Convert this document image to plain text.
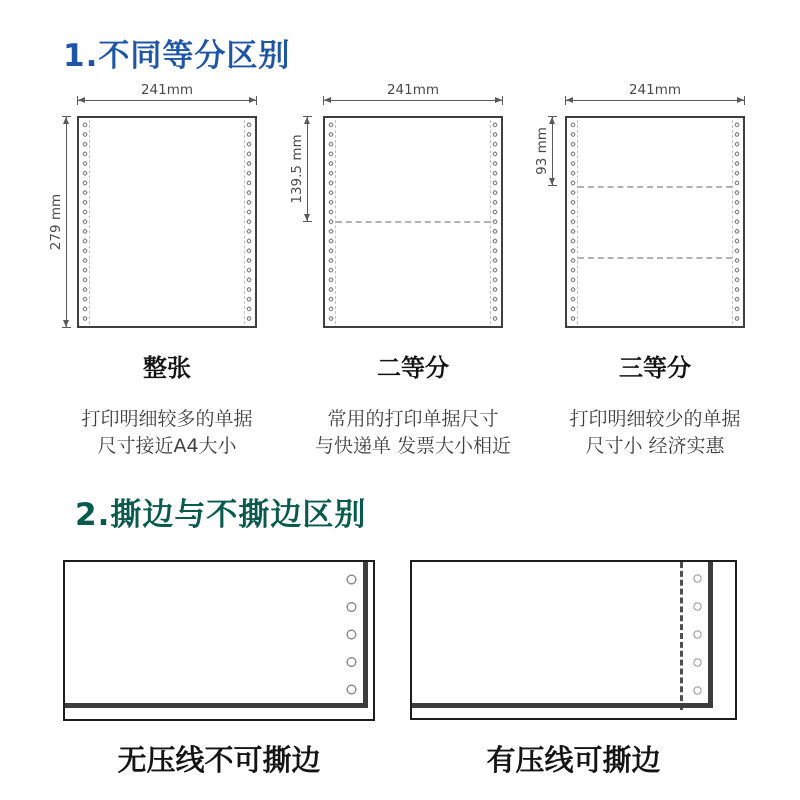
1.不同等分区别
241mm	241mm	241mm
279 mm
139.5 mm	93 mm
整张

打印明细较多的单据
尺寸接近A4大小

二等分

常用的打印单据尺寸
与快递单 发票大小相近

三等分

打印明细较少的单据
尺寸小 经济实惠

2.撕边与不撕边区别

无压线不可撕边	有压线可撕边
